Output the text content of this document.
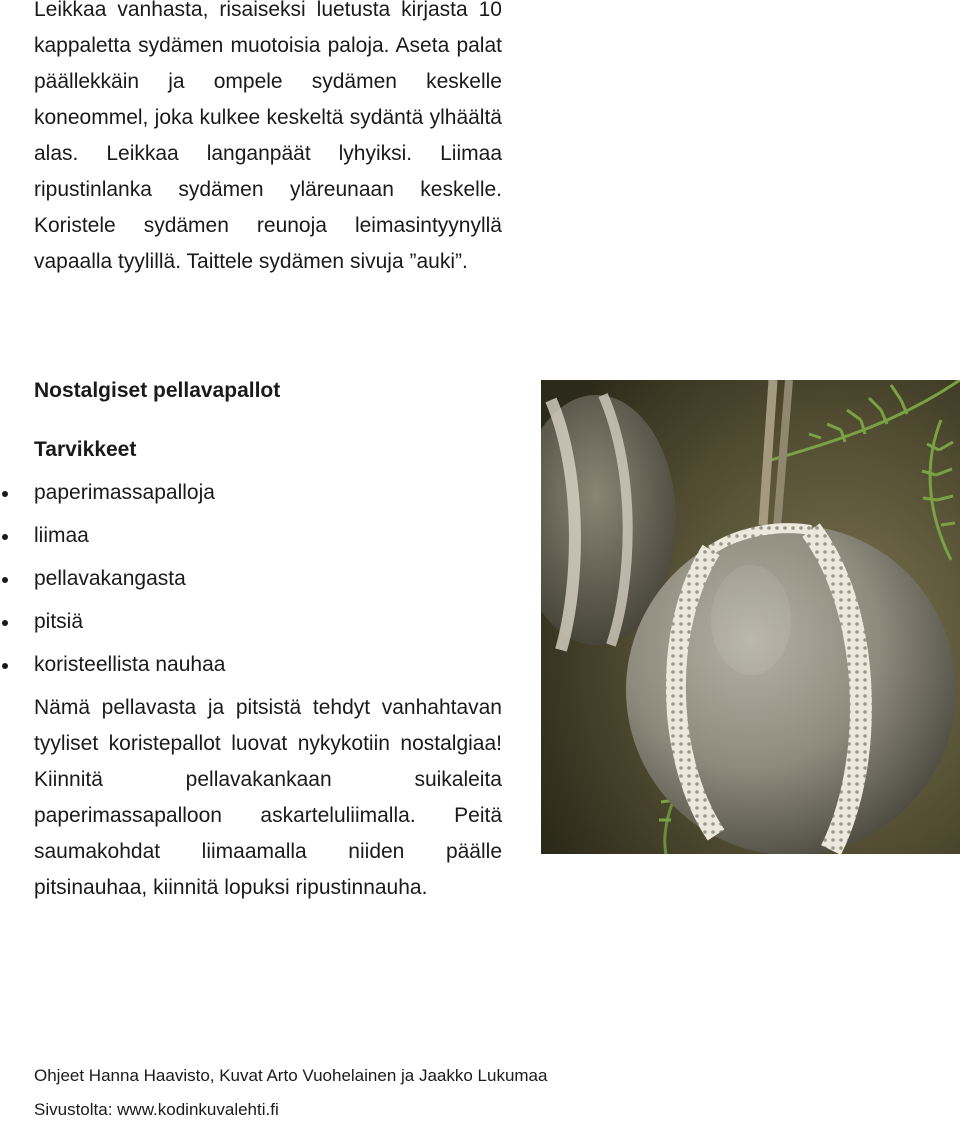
Leikkaa vanhasta, risaiseksi luetusta kirjasta 10 kappaletta sydämen muotoisia paloja. Aseta palat päällekkäin ja ompele sydämen keskelle koneommel, joka kulkee keskeltä sydäntä ylhäältä alas. Leikkaa langanpäät lyhyiksi. Liimaa ripustinlanka sydämen yläreunaan keskelle. Koristele sydämen reunoja leimasintyynyllä vapaalla tyylillä. Taittele sydämen sivuja ”auki”.

Nostalgiset pellavapallot
Tarvikkeet
paperimassapalloja
liimaa
pellavakangasta
pitsiä
koristeellista nauhaa

Nämä pellavasta ja pitsistä tehdyt vanhahtavan tyyliset koristepallot luovat nykykotiin nostalgiaa! Kiinnitä pellavakankaan suikaleita paperimassapalloon askarteluliimalla. Peitä saumakohdat liimaamalla niiden päälle pitsinauhaa, kiinnitä lopuksi ripustinnauha.

Ohjeet Hanna Haavisto, Kuvat Arto Vuohelainen ja Jaakko Lukumaa

Sivustolta: www.kodinkuvalehti.fi
